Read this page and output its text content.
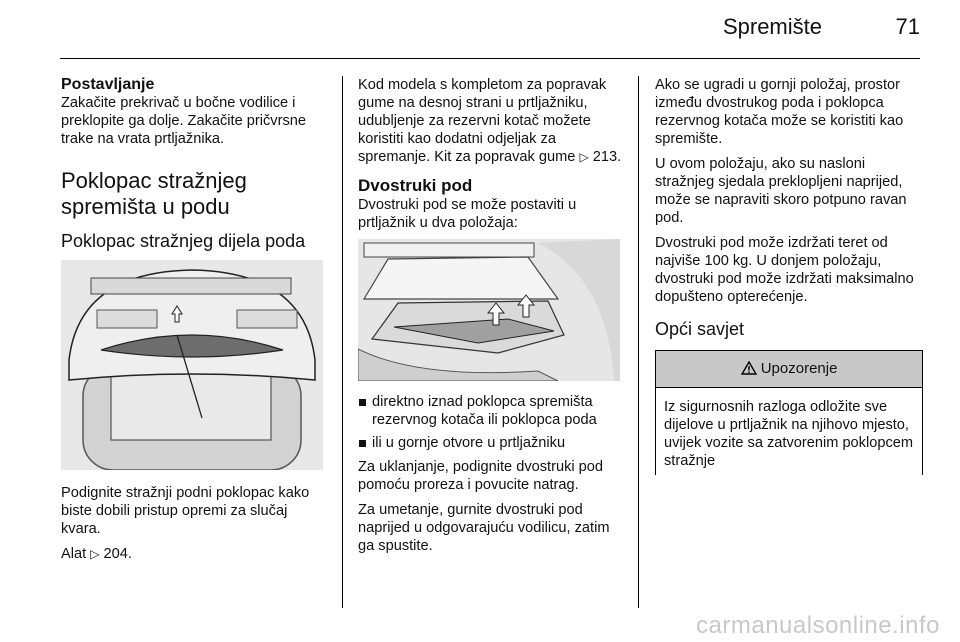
Spremište	71
Postavljanje

Zakačite prekrivač u bočne vodilice i preklopite ga dolje. Zakačite pričvrsne trake na vrata prtljažnika.

Poklopac stražnjeg spremišta u podu
Poklopac stražnjeg dijela poda

Podignite stražnji podni poklopac kako biste dobili pristup opremi za slučaj kvara.

Alat ▷ 204.

Kod modela s kompletom za popravak gume na desnoj strani u prtljažniku, udubljenje za rezervni kotač možete koristiti kao dodatni odjeljak za spremanje. Kit za popravak gume ▷ 213.

Dvostruki pod

Dvostruki pod se može postaviti u prtljažnik u dva položaja:

direktno iznad poklopca spremišta rezervnog kotača ili poklopca poda
ili u gornje otvore u prtljažniku

Za uklanjanje, podignite dvostruki pod pomoću proreza i povucite natrag.

Za umetanje, gurnite dvostruki pod naprijed u odgovarajuću vodilicu, zatim ga spustite.

Ako se ugradi u gornji položaj, prostor između dvostrukog poda i poklopca rezervnog kotača može se koristiti kao spremište.

U ovom položaju, ako su nasloni stražnjeg sjedala preklopljeni naprijed, može se napraviti skoro potpuno ravan pod.

Dvostruki pod može izdržati teret od najviše 100 kg. U donjem položaju, dvostruki pod može izdržati maksimalno dopušteno opterećenje.

Opći savjet
Upozorenje
Iz sigurnosnih razloga odložite sve dijelove u prtljažnik na njihovo mjesto, uvijek vozite sa zatvorenim poklopcem stražnje
carmanualsonline.info
